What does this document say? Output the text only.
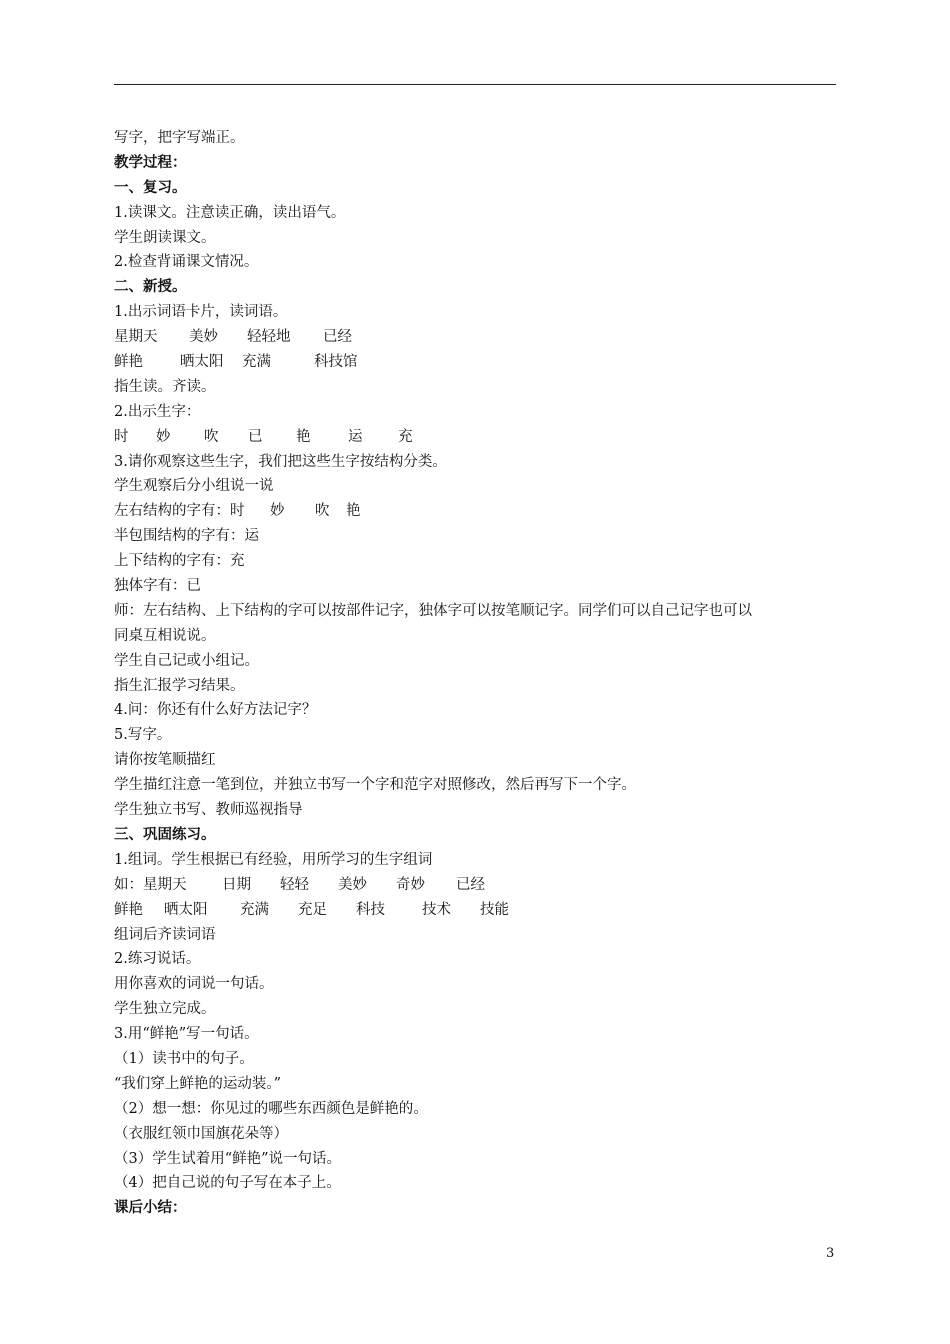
写字，把字写端正。
教学过程：
一、复习。
1.读课文。注意读正确，读出语气。
学生朗读课文。
2.检查背诵课文情况。
二、新授。
1.出示词语卡片，读词语。
星期天 美妙 轻轻地 已经
鲜艳	晒太阳 充满	科技馆
指生读。齐读。
2.出示生字：
时 妙 吹 已 艳	运 充
3.请你观察这些生字，我们把这些生字按结构分类。
学生观察后分小组说一说
左右结构的字有：时 妙 吹 艳
半包围结构的字有：运
上下结构的字有：充
独体字有：已
师：左右结构、上下结构的字可以按部件记字，独体字可以按笔顺记字。同学们可以自己记字也可以
同桌互相说说。
学生自己记或小组记。
指生汇报学习结果。
4.问：你还有什么好方法记字？
5.写字。
请你按笔顺描红
学生描红注意一笔到位，并独立书写一个字和范字对照修改，然后再写下一个字。
学生独立书写、教师巡视指导
三、巩固练习。
1.组词。学生根据已有经验，用所学习的生字组词
如：星期天 日期 轻轻 美妙 奇妙 已经
鲜艳 晒太阳 充满 充足 科技	技术 技能
组词后齐读词语
2.练习说话。
用你喜欢的词说一句话。
学生独立完成。
3.用“鲜艳”写一句话。
（1）读书中的句子。
“我们穿上鲜艳的运动装。”
（2）想一想：你见过的哪些东西颜色是鲜艳的。
（衣服红领巾国旗花朵等）
（3）学生试着用“鲜艳”说一句话。
（4）把自己说的句子写在本子上。
课后小结：
3
